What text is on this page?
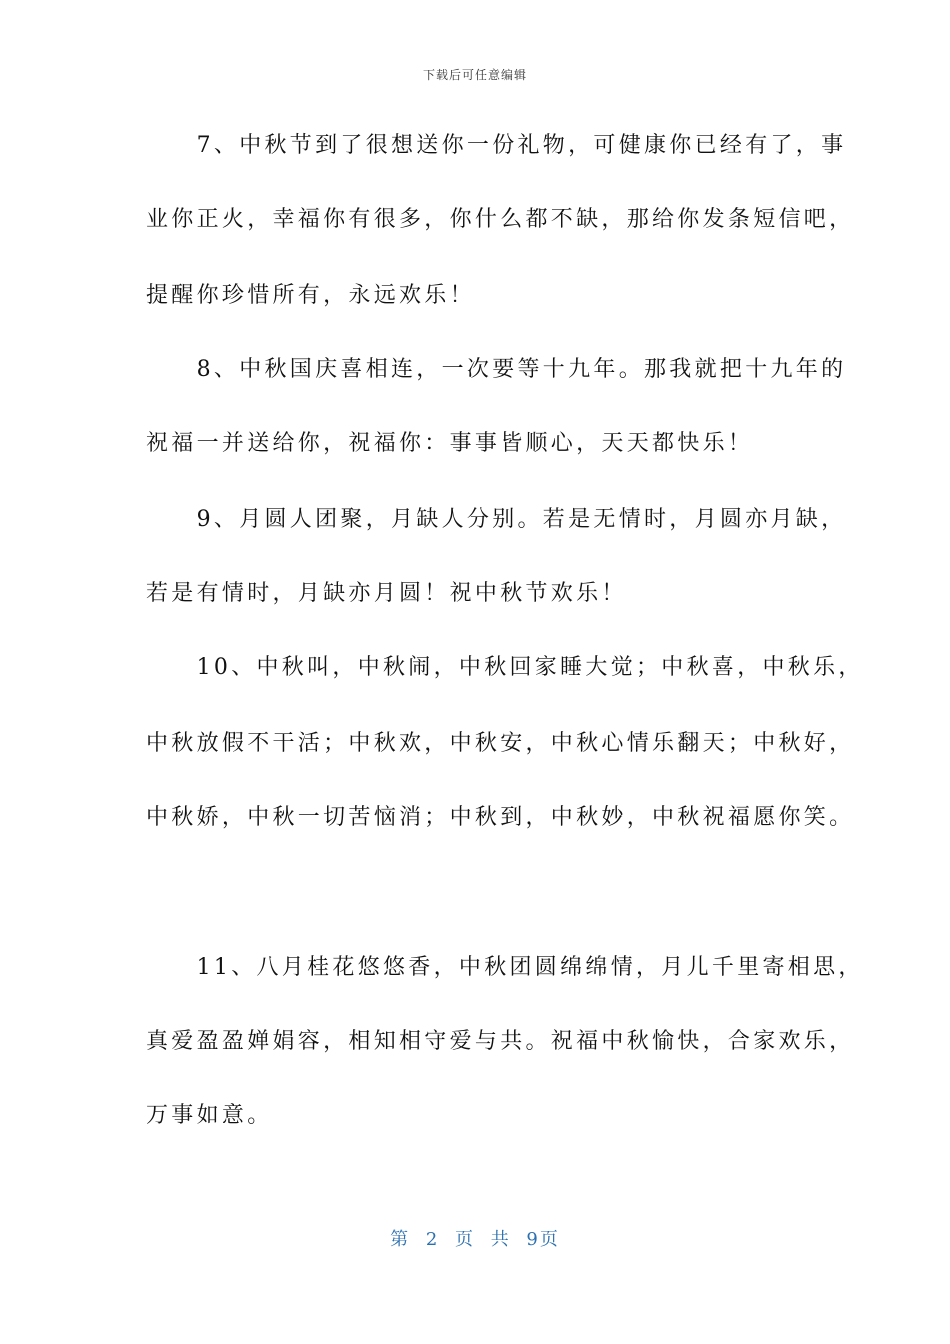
下载后可任意编辑
　　7、中秋节到了很想送你一份礼物，可健康你已经有了，事
业你正火，幸福你有很多，你什么都不缺，那给你发条短信吧，
提醒你珍惜所有，永远欢乐！
　　8、中秋国庆喜相连，一次要等十九年。那我就把十九年的
祝福一并送给你，祝福你：事事皆顺心，天天都快乐！
　　9、月圆人团聚，月缺人分别。若是无情时，月圆亦月缺，
若是有情时，月缺亦月圆！祝中秋节欢乐！
　　10、中秋叫，中秋闹，中秋回家睡大觉；中秋喜，中秋乐，
中秋放假不干活；中秋欢，中秋安，中秋心情乐翻天；中秋好，
中秋娇，中秋一切苦恼消；中秋到，中秋妙，中秋祝福愿你笑。
　　11、八月桂花悠悠香，中秋团圆绵绵情，月儿千里寄相思，
真爱盈盈婵娟容，相知相守爱与共。祝福中秋愉快，合家欢乐，
万事如意。
第 2 页 共 9页
